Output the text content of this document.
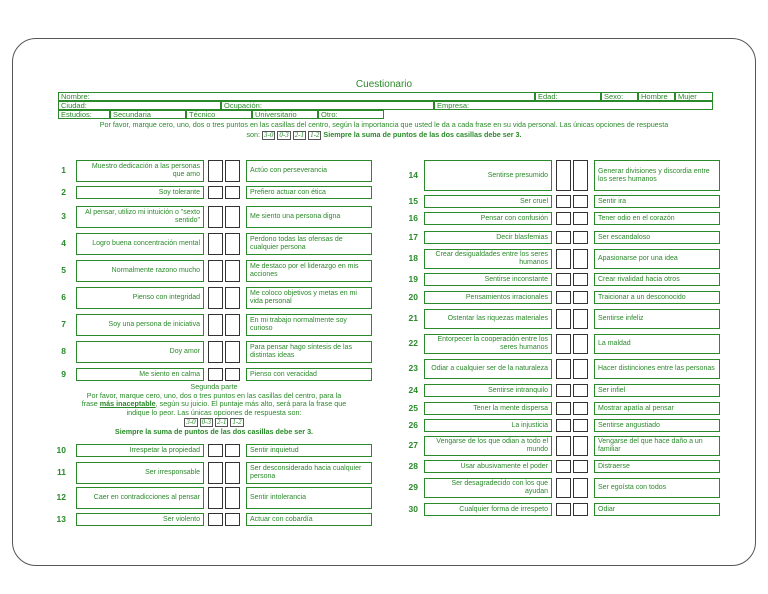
Cuestionario
Nombre:	Edad:	Sexo:	Hombre	Mujer
Ciudad:	Ocupación:	Empresa:
Estudios:	Secundaria	Técnico	Universitario	Otro:
Por favor, marque cero, uno, dos o tres puntos en las casillas del centro, según la importancia que usted le da a cada frase en su vida personal. Las únicas opciones de respuesta
son: 3-0 0-3 2-1 1-2 Siempre la suma de puntos de las dos casillas debe ser 3.
Segunda parte
Por favor, marque cero, uno, dos o tres puntos en las casillas del centro, para la
frase más inaceptable, según su juicio. El puntaje más alto, será para la frase que
indique lo peor. Las únicas opciones de respuesta son:
3-0 0-3 2-1 1-2
Siempre la suma de puntos de las dos casillas debe ser 3.
1	Muestro dedicación a las personas que amo
Actúo con perseverancia
2	Soy tolerante	Prefiero actuar con ética
3	Al pensar, utilizo mi intuición o "sexto sentido"
Me siento una persona digna
4	Logro buena concentración mental
Perdono todas las ofensas de cualquier persona
5	Normalmente razono mucho
Me destaco por el liderazgo en mis acciones
6	Pienso con integridad
Me coloco objetivos y metas en mi vida personal
7	Soy una persona de iniciativa
En mi trabajo normalmente soy curioso
8	Doy amor
Para pensar hago síntesis de las distintas ideas
9	Me siento en calma	Pienso con veracidad
10	Irrespetar la propiedad	Sentir inquietud
11	Ser irresponsable
Ser desconsiderado hacia cualquier persona
12	Caer en contradicciones al pensar	Sentir intolerancia
13	Ser violento	Actuar con cobardía
14	Sentirse presumido
Generar divisiones y discordia entre los seres humanos
15	Ser cruel	Sentir ira
16	Pensar con confusión	Tener odio en el corazón
17	Decir blasfemias	Ser escandaloso
18	Crear desigualdades entre los seres humanos
Apasionarse por una idea
19	Sentirse inconstante	Crear rivalidad hacia otros
20	Pensamientos irracionales	Traicionar a un desconocido
21	Ostentar las riquezas materiales	Sentirse infeliz
22	Entorpecer la cooperación entre los seres humanos
La maldad
23 Odiar a cualquier ser de la naturaleza	Hacer distinciones entre las personas
24	Sentirse intranquilo	Ser infiel
25	Tener la mente dispersa	Mostrar apatía al pensar
26	La injusticia	Sentirse angustiado
27	Vengarse de los que odian a todo el mundo
Vengarse del que hace daño a un familiar
28	Usar abusivamente el poder	Distraerse
29	Ser desagradecido con los que ayudan
Ser egoísta con todos
30	Cualquier forma de irrespeto	Odiar
